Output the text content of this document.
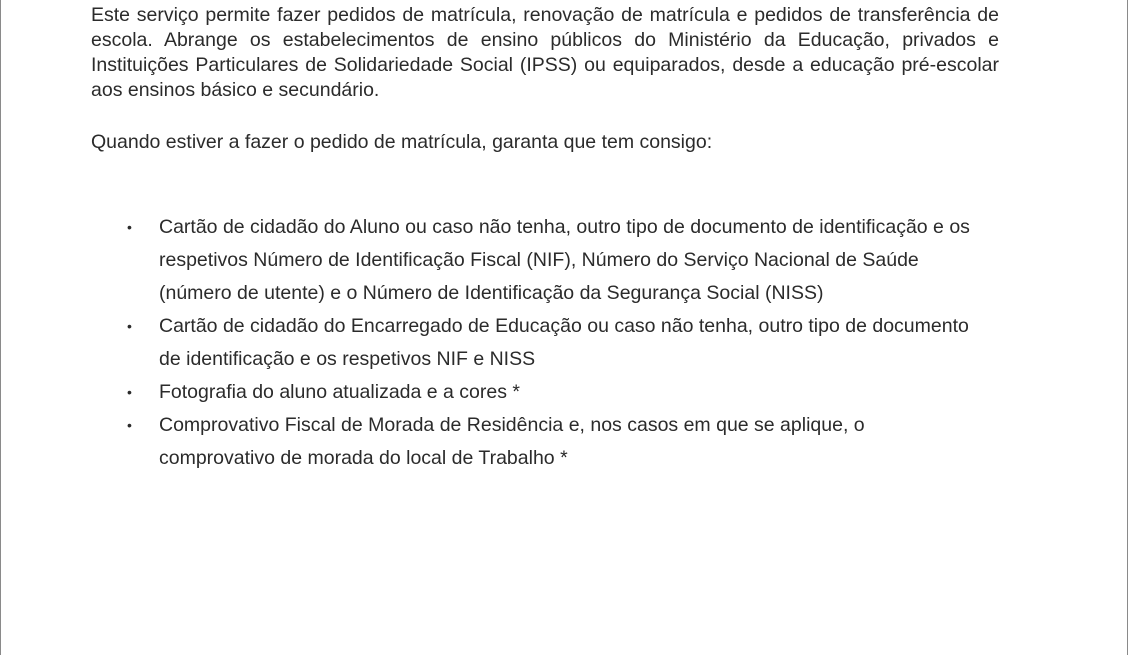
Este serviço permite fazer pedidos de matrícula, renovação de matrícula e pedidos de transferência de escola. Abrange os estabelecimentos de ensino públicos do Ministério da Educação, privados e Instituições Particulares de Solidariedade Social (IPSS) ou equiparados, desde a educação pré-escolar aos ensinos básico e secundário.

Quando estiver a fazer o pedido de matrícula, garanta que tem consigo:

•	Cartão de cidadão do Aluno ou caso não tenha, outro tipo de documento de identificação e os respetivos Número de Identificação Fiscal (NIF), Número do Serviço Nacional de Saúde (número de utente) e o Número de Identificação da Segurança Social (NISS)
•	Cartão de cidadão do Encarregado de Educação ou caso não tenha, outro tipo de documento de identificação e os respetivos NIF e NISS
•	Fotografia do aluno atualizada e a cores *
•	Comprovativo Fiscal de Morada de Residência e, nos casos em que se aplique, o comprovativo de morada do local de Trabalho *
